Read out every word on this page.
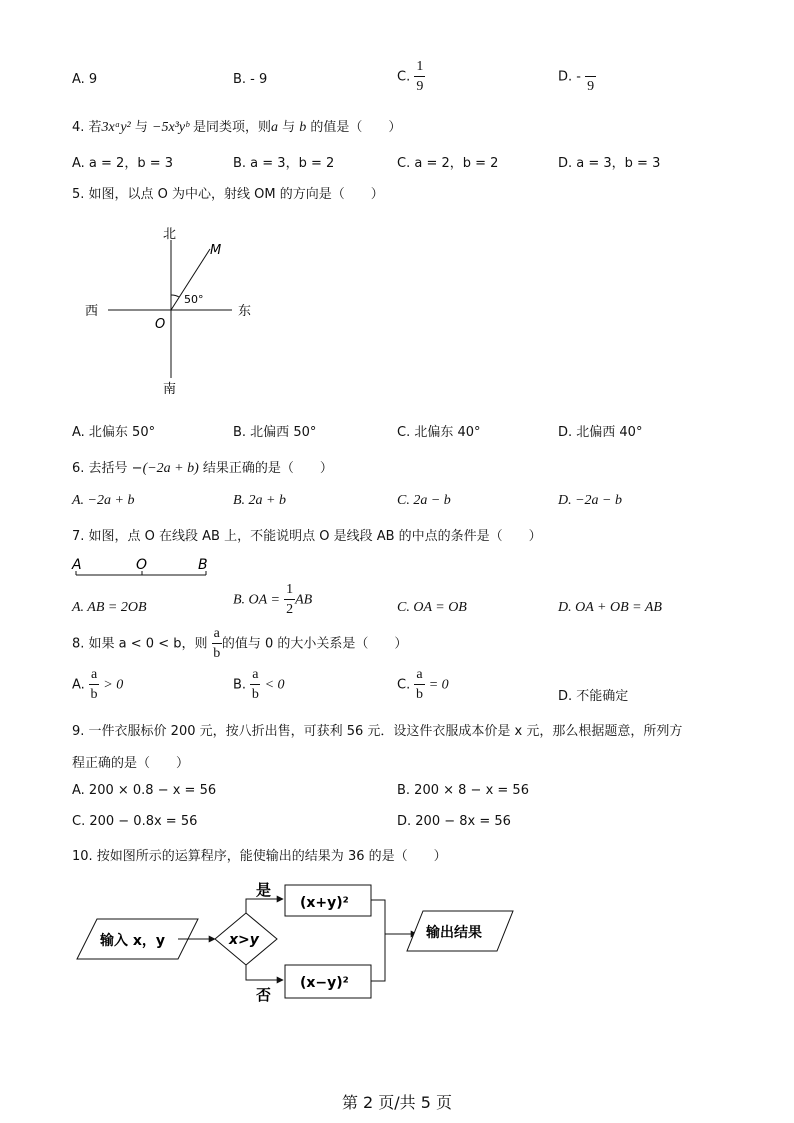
A. 9	B. - 9	C. $\frac{1}{9}$	D. -

9
4. 若3xᵃy² 与 −5x³yᵇ 是同类项，则a 与 b 的值是（　　）
A. a = 2，b = 3	B. a = 3，b = 2	C. a = 2，b = 2	D. a = 3，b = 3
5. 如图，以点 O 为中心，射线 OM 的方向是（　　）
北
南
西	东
M
O
50°
A. 北偏东 50°	B. 北偏西 50°	C. 北偏东 40°	D. 北偏西 40°
6. 去括号 −(−2a + b) 结果正确的是（　　）
A. −2a + b	B. 2a + b	C. 2a − b	D. −2a − b
7. 如图，点 O 在线段 AB 上，不能说明点 O 是线段 AB 的中点的条件是（　　）
A	O	B
A. AB = 2OB	B. OA = $\frac{1}{2}$ AB	C. OA = OB	D. OA + OB = AB
8. 如果 a < 0 < b，则 $\frac{a}{b}$ 的值与 0 的大小关系是（　　）
A. $\frac{a}{b} > 0$	B. $\frac{a}{b} < 0$	C. $\frac{a}{b} = 0$
D. 不能确定
9. 一件衣服标价 200 元，按八折出售，可获利 56 元．设这件衣服成本价是 x 元，那么根据题意，所列方
程正确的是（　　）
A. 200 × 0.8 − x = 56	B. 200 × 8 − x = 56
C. 200 − 0.8x = 56	D. 200 − 8x = 56
10. 按如图所示的运算程序，能使输出的结果为 36 的是（　　）
输入 x，y	x>y
是
(x+y)²
否
(x−y)²
输出结果
第 2 页/共 5 页
